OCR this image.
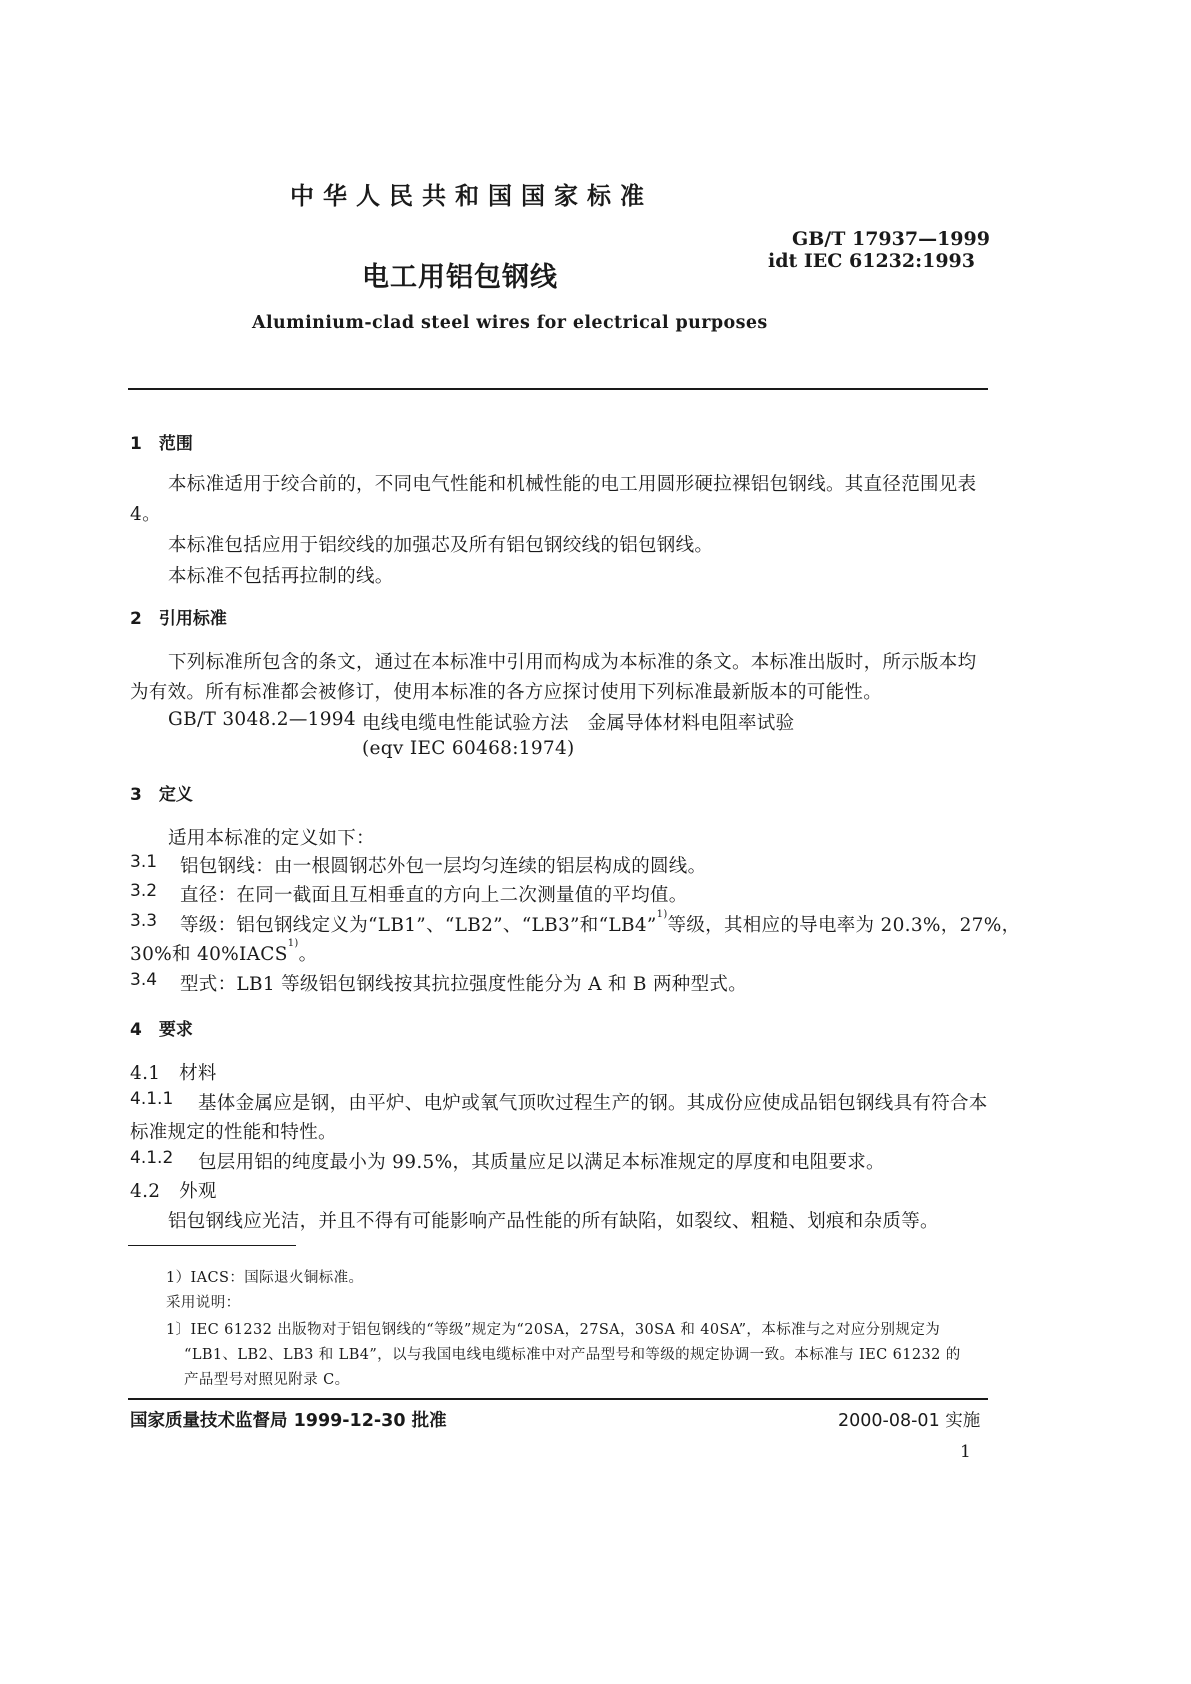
中华人民共和国国家标准
GB/T 17937—1999
idt IEC 61232:1993
电工用铝包钢线
Aluminium-clad steel wires for electrical purposes
1　范围
本标准适用于绞合前的，不同电气性能和机械性能的电工用圆形硬拉裸铝包钢线。其直径范围见表
4。
本标准包括应用于铝绞线的加强芯及所有铝包钢绞线的铝包钢线。
本标准不包括再拉制的线。
2　引用标准
下列标准所包含的条文，通过在本标准中引用而构成为本标准的条文。本标准出版时，所示版本均
为有效。所有标准都会被修订，使用本标准的各方应探讨使用下列标准最新版本的可能性。
GB/T 3048.2—1994 电线电缆电性能试验方法　金属导体材料电阻率试验
(eqv IEC 60468:1974)
3　定义
适用本标准的定义如下：
3.1 铝包钢线：由一根圆钢芯外包一层均匀连续的铝层构成的圆线。
3.2 直径：在同一截面且互相垂直的方向上二次测量值的平均值。
3.3 等级：铝包钢线定义为“LB1”、“LB2”、“LB3”和“LB4”$^{1)}$等级，其相应的导电率为 20.3%，27%，
30%和 40%IACS$^{1)}$。
3.4 型式：LB1 等级铝包钢线按其抗拉强度性能分为 A 和 B 两种型式。
4　要求
4.1　材料
4.1.1 基体金属应是钢，由平炉、电炉或氧气顶吹过程生产的钢。其成份应使成品铝包钢线具有符合本
标准规定的性能和特性。
4.1.2 包层用铝的纯度最小为 99.5%，其质量应足以满足本标准规定的厚度和电阻要求。
4.2　外观
铝包钢线应光洁，并且不得有可能影响产品性能的所有缺陷，如裂纹、粗糙、划痕和杂质等。
1）IACS：国际退火铜标准。
采用说明：
1〕IEC 61232 出版物对于铝包钢线的“等级”规定为“20SA，27SA，30SA 和 40SA”，本标准与之对应分别规定为
“LB1、LB2、LB3 和 LB4”，以与我国电线电缆标准中对产品型号和等级的规定协调一致。本标准与 IEC 61232 的
产品型号对照见附录 C。
国家质量技术监督局 1999-12-30 批准	2000-08-01 实施
1
